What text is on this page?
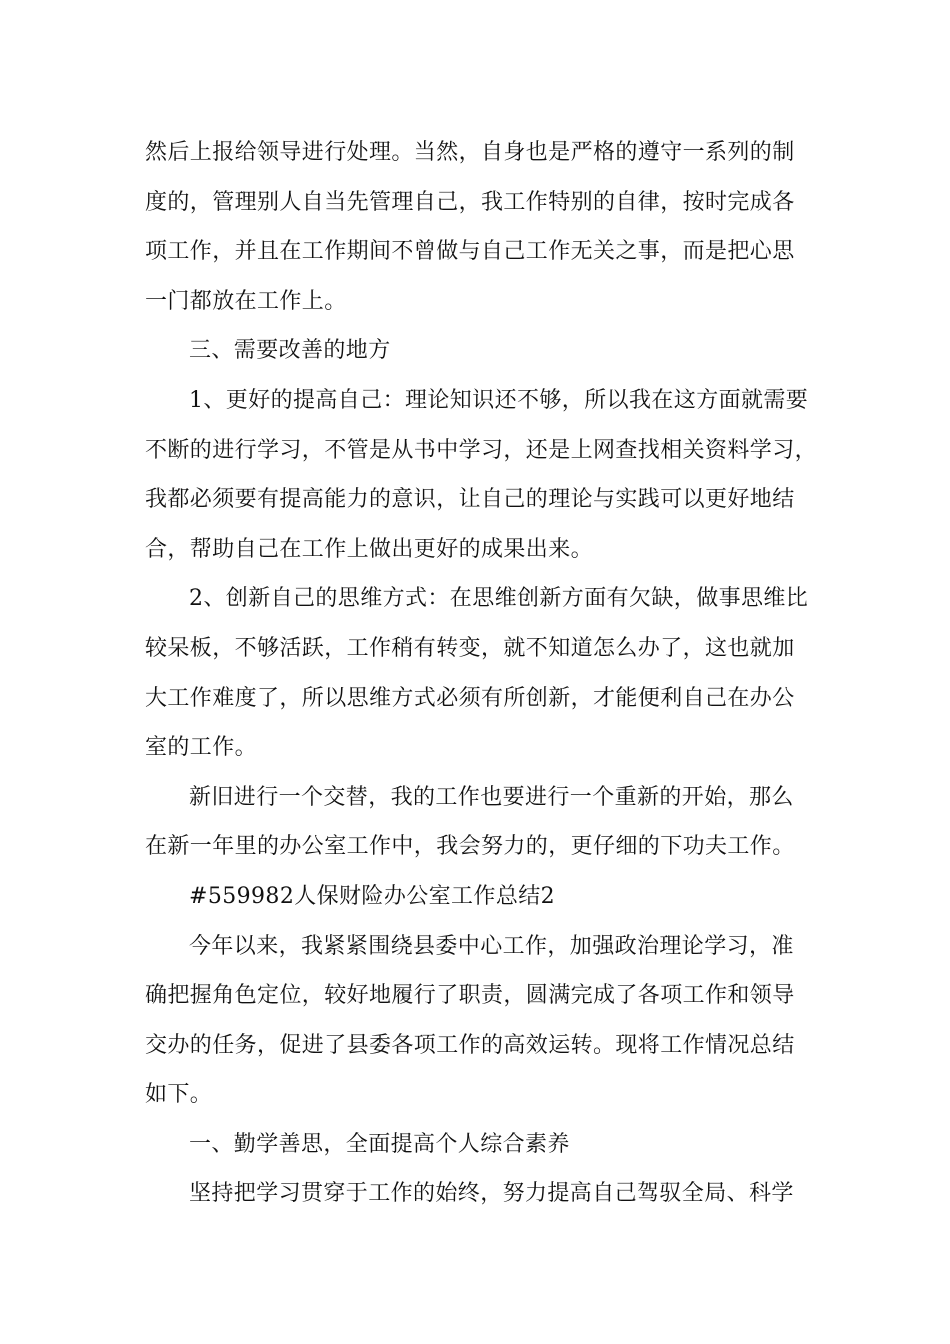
然后上报给领导进行处理。当然，自身也是严格的遵守一系列的制
度的，管理别人自当先管理自己，我工作特别的自律，按时完成各
项工作，并且在工作期间不曾做与自己工作无关之事，而是把心思
一门都放在工作上。
三、需要改善的地方
1、更好的提高自己：理论知识还不够，所以我在这方面就需要
不断的进行学习，不管是从书中学习，还是上网查找相关资料学习，
我都必须要有提高能力的意识，让自己的理论与实践可以更好地结
合，帮助自己在工作上做出更好的成果出来。
2、创新自己的思维方式：在思维创新方面有欠缺，做事思维比
较呆板，不够活跃，工作稍有转变，就不知道怎么办了，这也就加
大工作难度了，所以思维方式必须有所创新，才能便利自己在办公
室的工作。
新旧进行一个交替，我的工作也要进行一个重新的开始，那么
在新一年里的办公室工作中，我会努力的，更仔细的下功夫工作。
#559982人保财险办公室工作总结2
今年以来，我紧紧围绕县委中心工作，加强政治理论学习，准
确把握角色定位，较好地履行了职责，圆满完成了各项工作和领导
交办的任务，促进了县委各项工作的高效运转。现将工作情况总结
如下。
一、勤学善思，全面提高个人综合素养
坚持把学习贯穿于工作的始终，努力提高自己驾驭全局、科学
